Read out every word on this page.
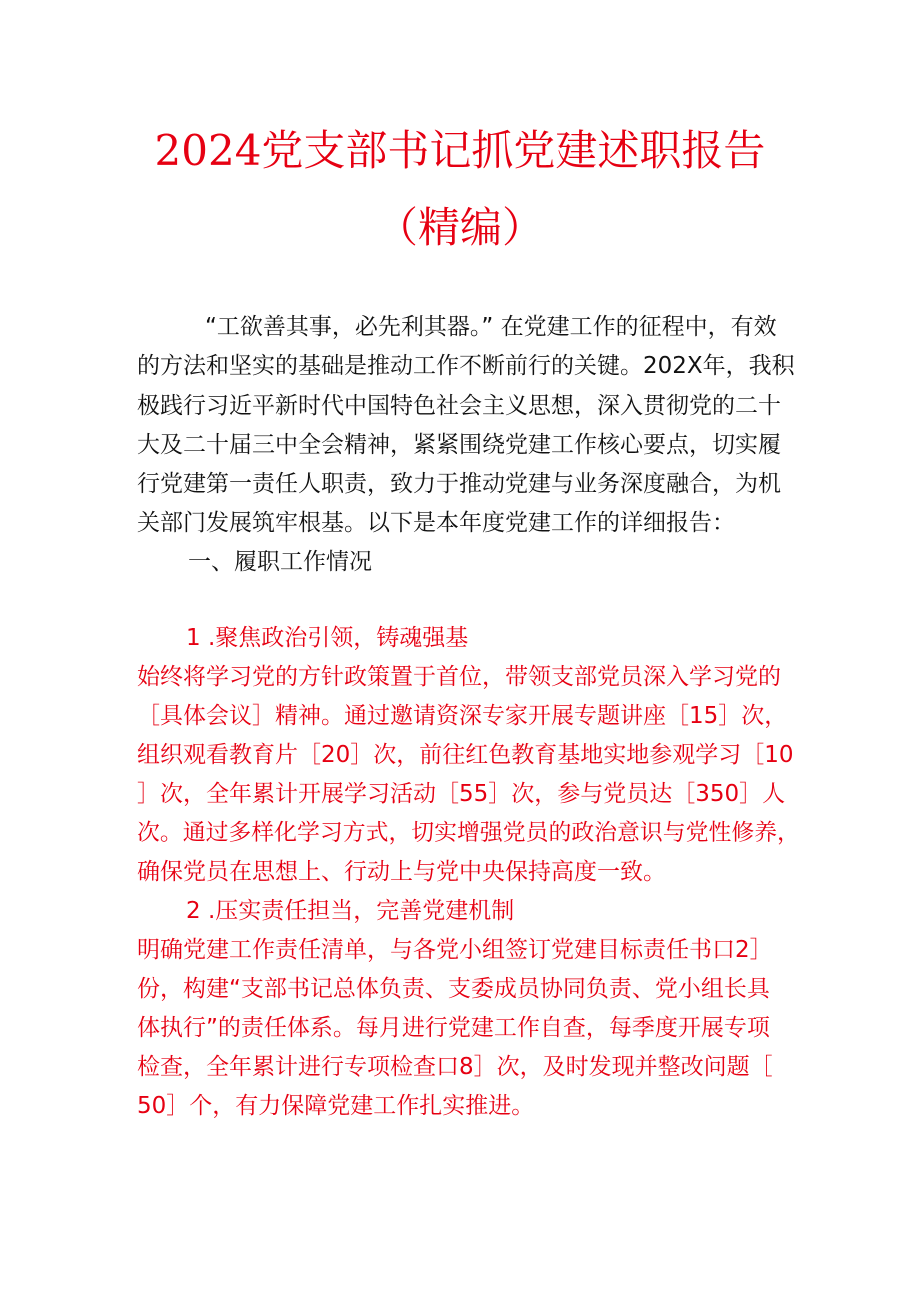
2024党支部书记抓党建述职报告
（精编）
“工欲善其事，必先利其器。” 在党建工作的征程中，有效
的方法和坚实的基础是推动工作不断前行的关键。202X年，我积
极践行习近平新时代中国特色社会主义思想，深入贯彻党的二十
大及二十届三中全会精神，紧紧围绕党建工作核心要点，切实履
行党建第一责任人职责，致力于推动党建与业务深度融合，为机
关部门发展筑牢根基。以下是本年度党建工作的详细报告：
一、履职工作情况
1 .聚焦政治引领，铸魂强基
始终将学习党的方针政策置于首位，带领支部党员深入学习党的
［具体会议］精神。通过邀请资深专家开展专题讲座［15］次，
组织观看教育片［20］次，前往红色教育基地实地参观学习［10
］次，全年累计开展学习活动［55］次，参与党员达［350］人
次。通过多样化学习方式，切实增强党员的政治意识与党性修养，
确保党员在思想上、行动上与党中央保持高度一致。
2 .压实责任担当，完善党建机制
明确党建工作责任清单，与各党小组签订党建目标责任书口2］
份，构建“支部书记总体负责、支委成员协同负责、党小组长具
体执行”的责任体系。每月进行党建工作自查，每季度开展专项
检查，全年累计进行专项检查口8］次，及时发现并整改问题［
50］个，有力保障党建工作扎实推进。
